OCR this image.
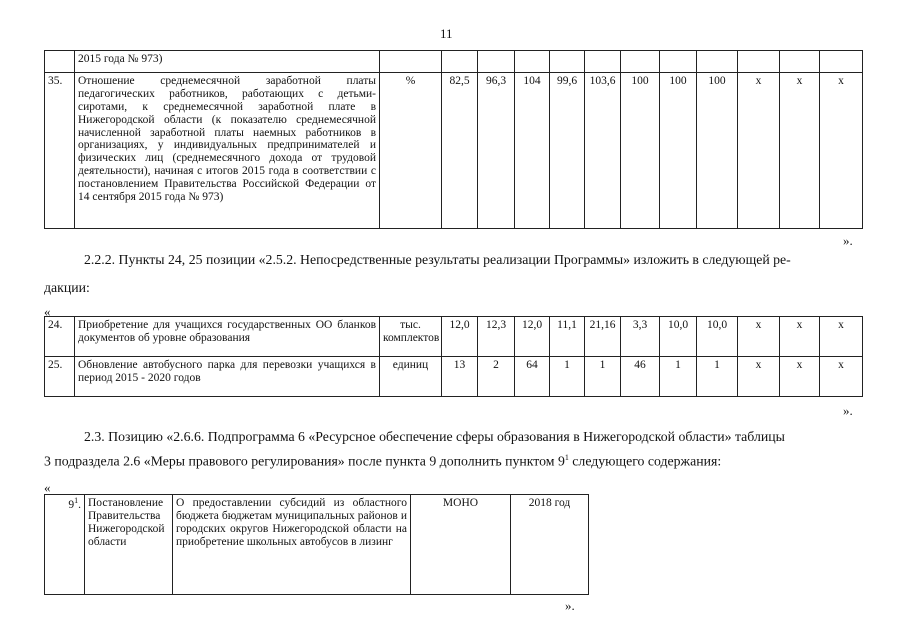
11
	2015 года № 973)												
35.	Отношение среднемесячной заработной платы педагогических работников, работающих с детьми-сиротами, к среднемесячной заработной плате в Нижегородской области (к показателю среднемесячной начисленной заработной платы наемных работников в организациях, у индивидуальных предпринимателей и физических лиц (среднемесячного дохода от трудовой деятельности), начиная с итогов 2015 года в соответствии с постановлением Правительства Российской Федерации от 14 сентября 2015 года № 973)	%	82,5	96,3	104	99,6	103,6	100	100	100	x	x	x
».
2.2.2. Пункты 24, 25 позиции «2.5.2. Непосредственные результаты реализации Программы» изложить в следующей ре-
дакции:
«
24.	Приобретение для учащихся государственных ОО бланков документов об уровне образования	тыс. комплектов	12,0	12,3	12,0	11,1	21,16	3,3	10,0	10,0	x	x	x
25.	Обновление автобусного парка для перевозки учащихся в период 2015 - 2020 годов	единиц	13	2	64	1	1	46	1	1	x	x	x
».
2.3. Позицию «2.6.6. Подпрограмма 6 «Ресурсное обеспечение сферы образования в Нижегородской области» таблицы
3 подраздела 2.6 «Меры правового регулирования» после пункта 9 дополнить пунктом $9^1$ следующего содержания:
«
$9^1$.	Постановление Правительства Нижегородской области	О предоставлении субсидий из областного бюджета бюджетам муниципальных районов и городских округов Нижегородской области на приобретение школьных автобусов в лизинг	МОНО	2018 год
».
